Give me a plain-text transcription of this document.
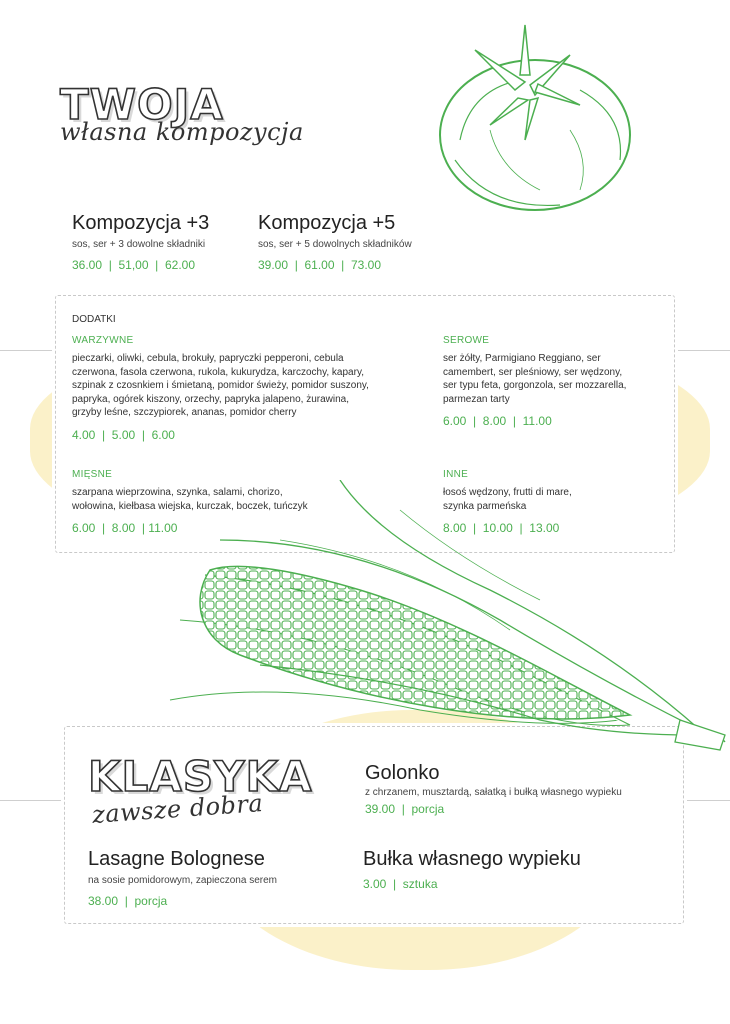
TWOJA
własna kompozycja
Kompozycja +3
sos, ser + 3 dowolne składniki
36.00  |  51,00  |  62.00
Kompozycja +5
sos, ser + 5 dowolnych składników
39.00  |  61.00  |  73.00
DODATKI
WARZYWNE
pieczarki, oliwki, cebula, brokuły, papryczki pepperoni, cebula
czerwona, fasola czerwona, rukola, kukurydza, karczochy, kapary,
szpinak z czosnkiem i śmietaną, pomidor świeży, pomidor suszony,
papryka, ogórek kiszony, orzechy, papryka jalapeno, żurawina,
grzyby leśne, szczypiorek, ananas, pomidor cherry
4.00  |  5.00  |  6.00
SEROWE
ser żółty, Parmigiano Reggiano, ser
camembert, ser pleśniowy, ser wędzony,
ser typu feta, gorgonzola, ser mozzarella,
parmezan tarty
6.00  |  8.00  |  11.00
MIĘSNE
szarpana wieprzowina, szynka, salami, chorizo,
wołowina, kiełbasa wiejska, kurczak, boczek, tuńczyk
6.00  |  8.00  | 11.00
INNE
łosoś wędzony, frutti di mare,
szynka parmeńska
8.00  |  10.00  |  13.00
KLASYKA
zawsze dobra
Golonko
z chrzanem, musztardą, sałatką i bułką własnego wypieku
39.00  |  porcja
Lasagne Bolognese
na sosie pomidorowym, zapieczona serem
38.00  |  porcja
Bułka własnego wypieku
3.00  |  sztuka
